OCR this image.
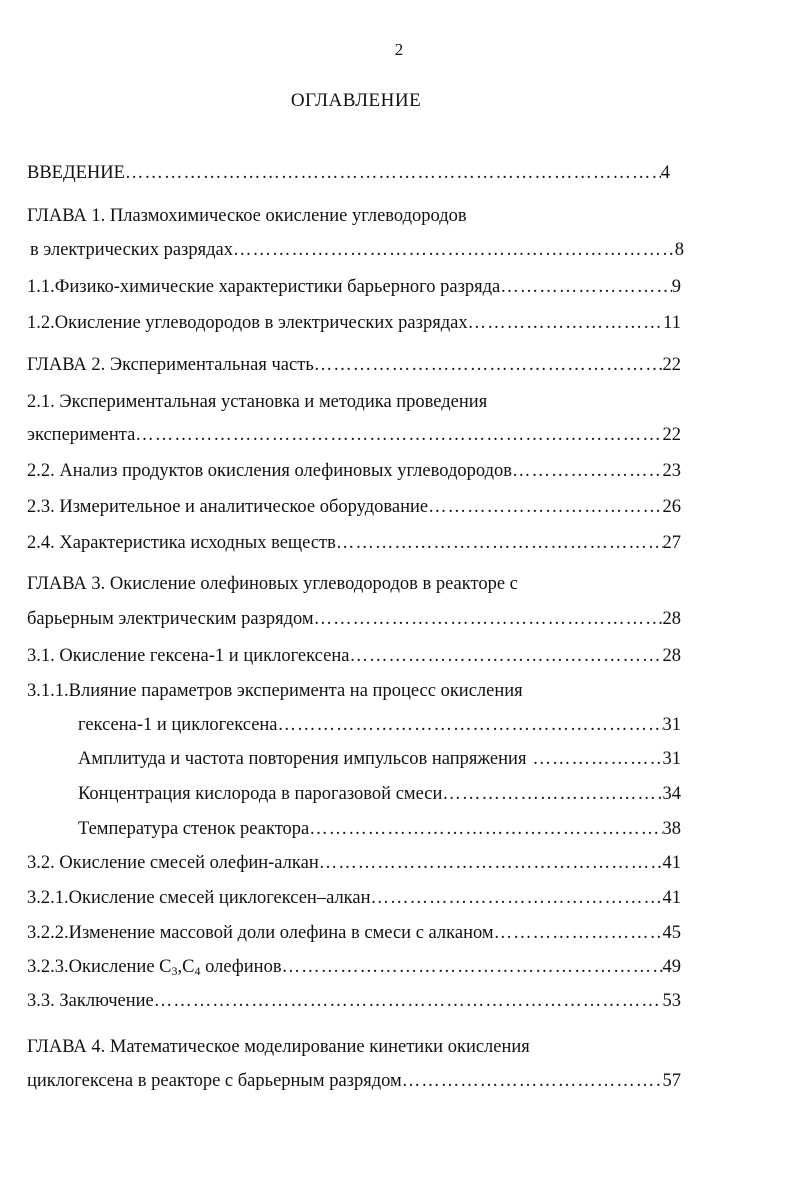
2
ОГЛАВЛЕНИЕ
ВВЕДЕНИЕ …………………………………………………………………………………………………………………………………………	4
ГЛАВА 1. Плазмохимическое окисление углеводородов
в электрических разрядах …………………………………………………………………………………………………………………………………………	8
1.1.Физико-химические характеристики барьерного разряда …………………………………………………………………………………………………………………………………………	9
1.2.Окисление углеводородов в электрических разрядах …………………………………………………………………………………………………………………………………………	11
ГЛАВА 2. Экспериментальная часть …………………………………………………………………………………………………………………………………………	22
2.1. Экспериментальная установка и методика проведения
эксперимента …………………………………………………………………………………………………………………………………………	22
2.2. Анализ продуктов окисления олефиновых углеводородов …………………………………………………………………………………………………………………………………………	23
2.3. Измерительное и аналитическое оборудование …………………………………………………………………………………………………………………………………………	26
2.4. Характеристика исходных веществ …………………………………………………………………………………………………………………………………………	27
ГЛАВА 3. Окисление олефиновых углеводородов в реакторе с
барьерным электрическим разрядом …………………………………………………………………………………………………………………………………………	28
3.1. Окисление гексена-1 и циклогексена …………………………………………………………………………………………………………………………………………	28
3.1.1.Влияние параметров эксперимента на процесс окисления
гексена-1 и циклогексена …………………………………………………………………………………………………………………………………………	31
Амплитуда и частота повторения импульсов напряжения …………………………………………………………………………………………………………………………………………	31
Концентрация кислорода в парогазовой смеси …………………………………………………………………………………………………………………………………………	34
Температура стенок реактора …………………………………………………………………………………………………………………………………………	38
3.2. Окисление смесей олефин-алкан …………………………………………………………………………………………………………………………………………	41
3.2.1.Окисление смесей циклогексен–алкан …………………………………………………………………………………………………………………………………………	41
3.2.2.Изменение массовой доли олефина в смеси с алканом …………………………………………………………………………………………………………………………………………	45
3.2.3.Окисление $С_3,С_4$ олефинов …………………………………………………………………………………………………………………………………………	49
3.3. Заключение …………………………………………………………………………………………………………………………………………	53
ГЛАВА 4. Математическое моделирование кинетики окисления
циклогексена в реакторе с барьерным разрядом …………………………………………………………………………………………………………………………………………	57
